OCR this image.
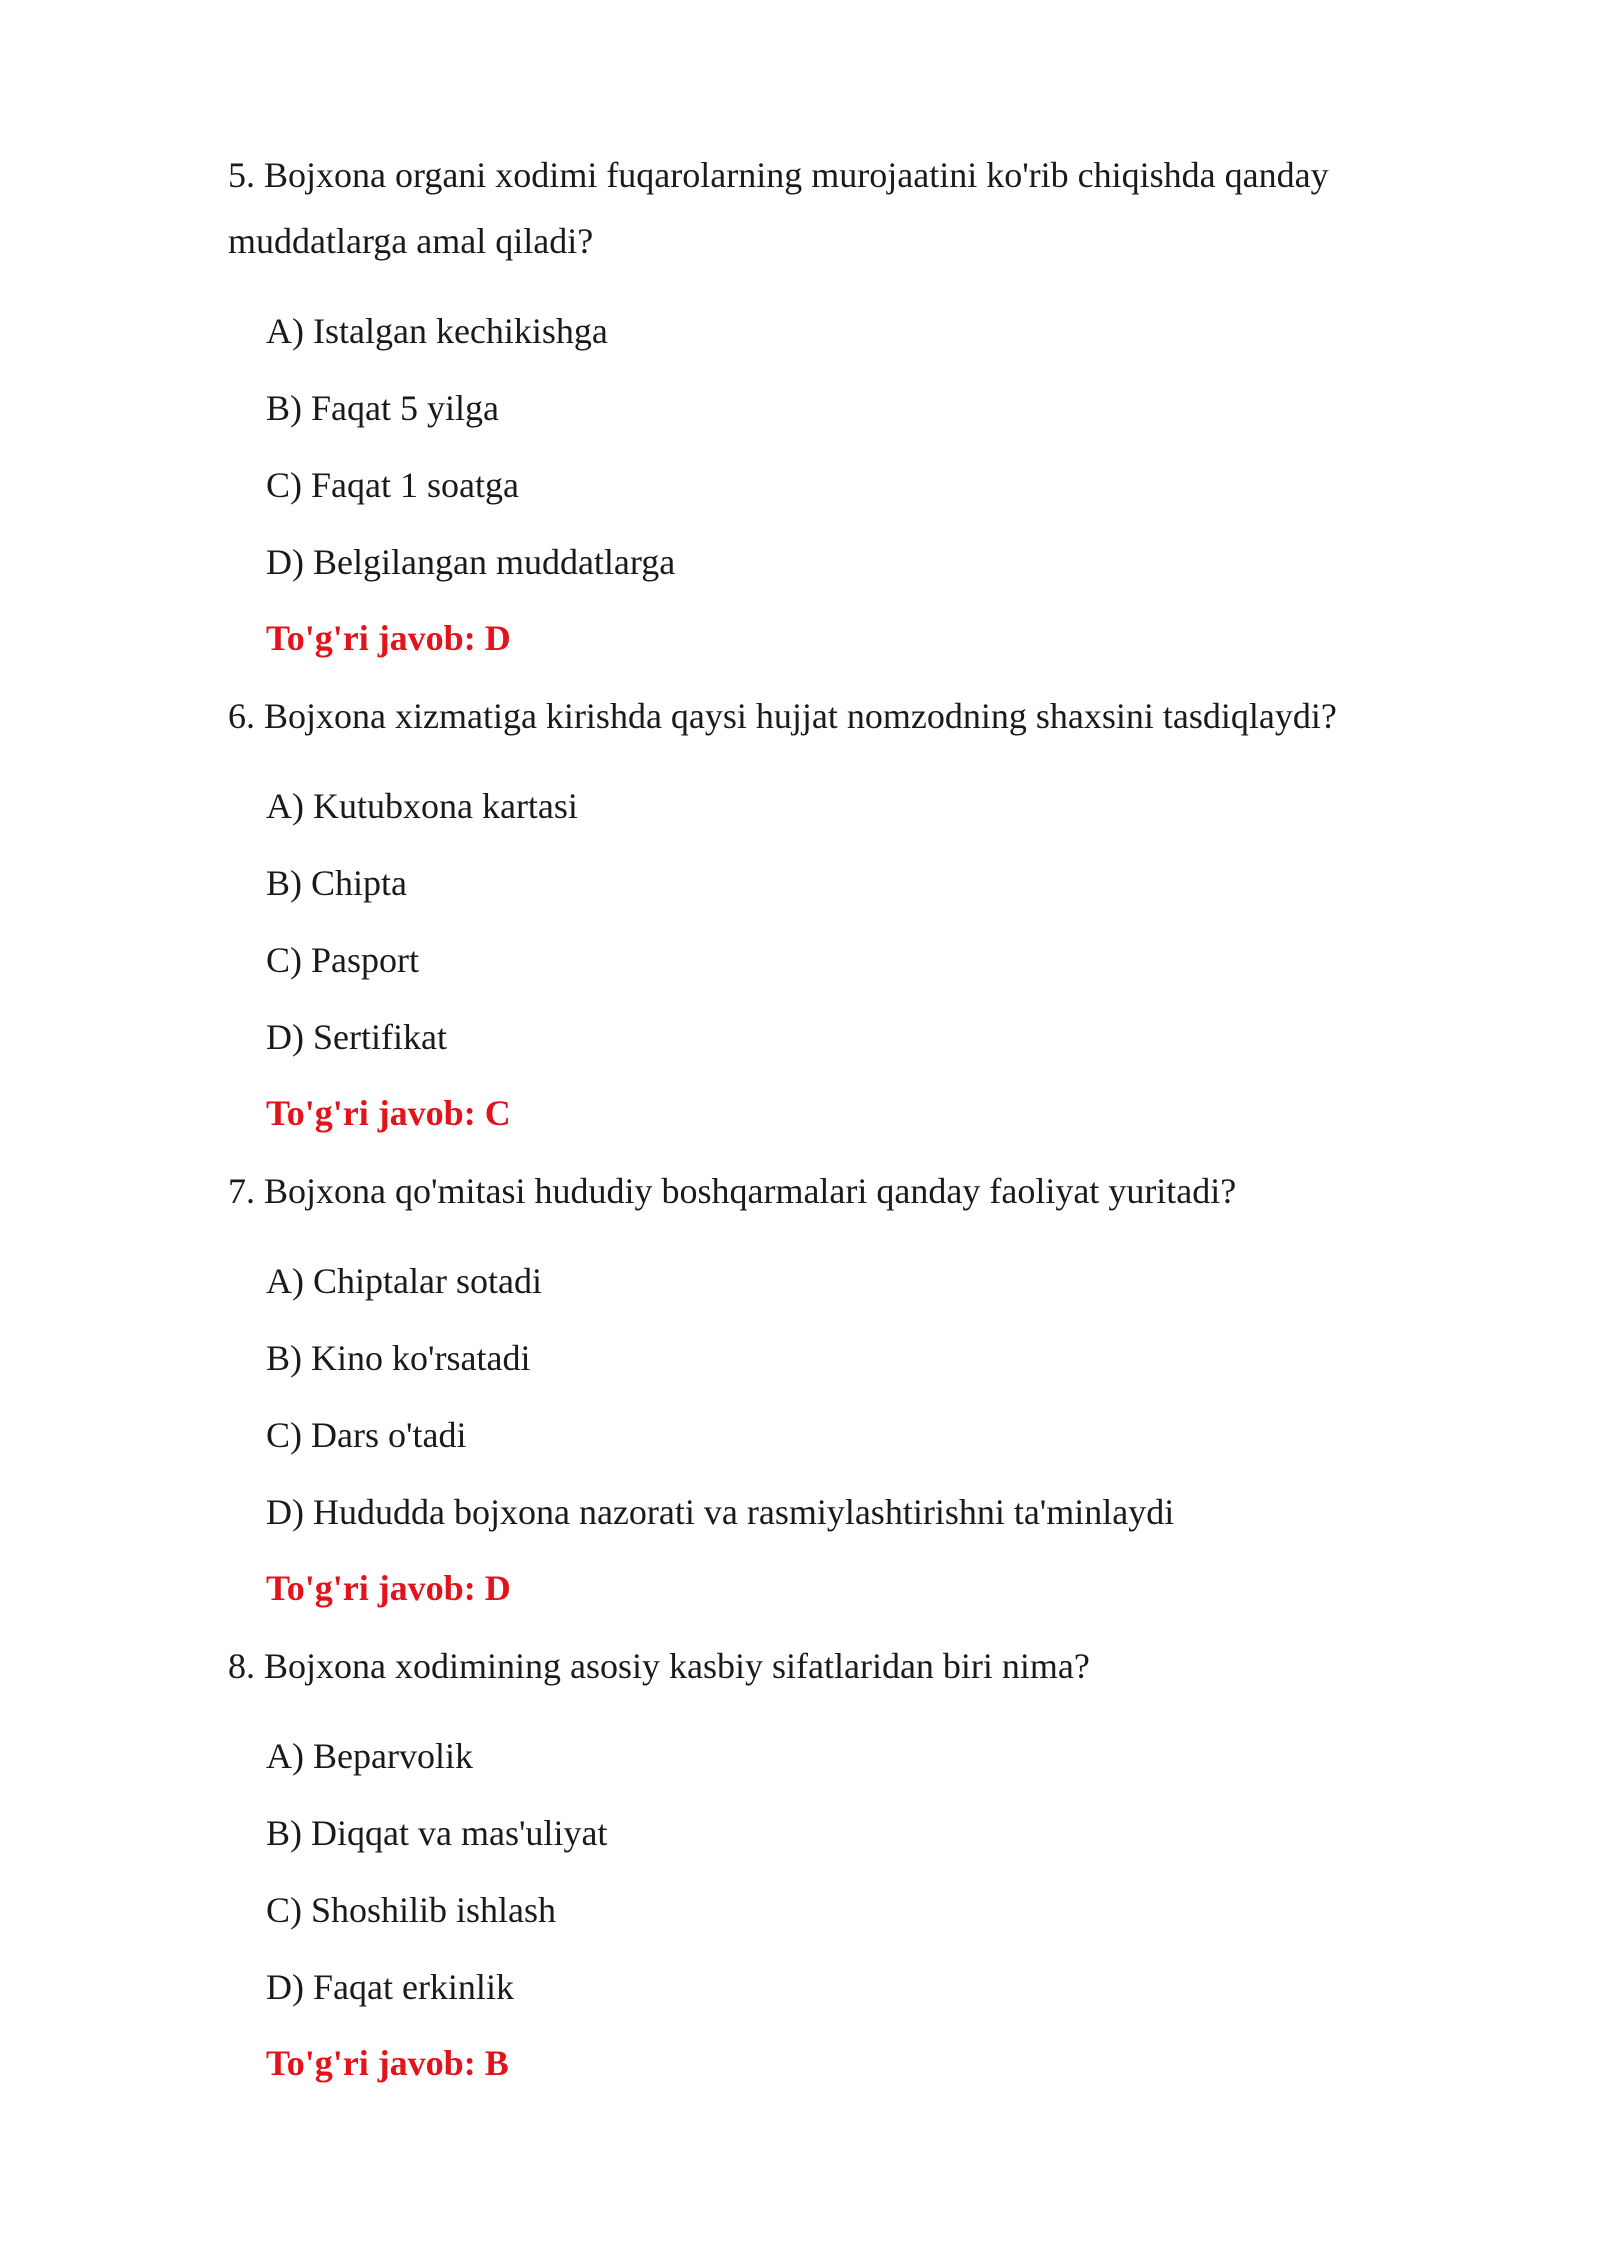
5. Bojxona organi xodimi fuqarolarning murojaatini ko'rib chiqishda qanday muddatlarga amal qiladi?

A) Istalgan kechikishga

B) Faqat 5 yilga

C) Faqat 1 soatga

D) Belgilangan muddatlarga

To'g'ri javob: D

6. Bojxona xizmatiga kirishda qaysi hujjat nomzodning shaxsini tasdiqlaydi?

A) Kutubxona kartasi

B) Chipta

C) Pasport

D) Sertifikat

To'g'ri javob: C

7. Bojxona qo'mitasi hududiy boshqarmalari qanday faoliyat yuritadi?

A) Chiptalar sotadi

B) Kino ko'rsatadi

C) Dars o'tadi

D) Hududda bojxona nazorati va rasmiylashtirishni ta'minlaydi

To'g'ri javob: D

8. Bojxona xodimining asosiy kasbiy sifatlaridan biri nima?

A) Beparvolik

B) Diqqat va mas'uliyat

C) Shoshilib ishlash

D) Faqat erkinlik

To'g'ri javob: B
